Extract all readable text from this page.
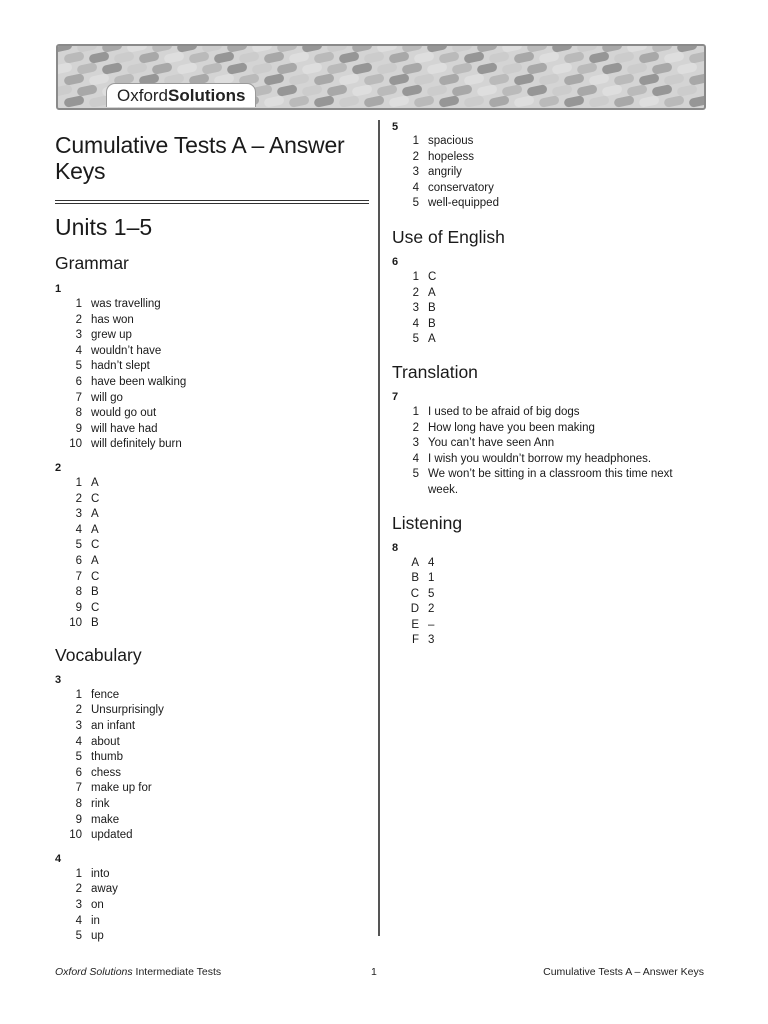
OxfordSolutions
Cumulative Tests A – Answer Keys
Units 1–5
Grammar
1
1 was travelling
2 has won
3 grew up
4 wouldn’t have
5 hadn’t slept
6 have been walking
7 will go
8 would go out
9 will have had
10 will definitely burn
2
1 A
2 C
3 A
4 A
5 C
6 A
7 C
8 B
9 C
10 B
Vocabulary
3
1 fence
2 Unsurprisingly
3 an infant
4 about
5 thumb
6 chess
7 make up for
8 rink
9 make
10 updated
4
1 into
2 away
3 on
4 in
5 up
5
1 spacious
2 hopeless
3 angrily
4 conservatory
5 well-equipped
Use of English
6
1 C
2 A
3 B
4 B
5 A
Translation
7
1 I used to be afraid of big dogs
2 How long have you been making
3 You can’t have seen Ann
4 I wish you wouldn’t borrow my headphones.
5 We won’t be sitting in a classroom this time next week.
Listening
8
A 4
B 1
C 5
D 2
E –
F 3
Oxford Solutions Intermediate Tests	1	Cumulative Tests A – Answer Keys
